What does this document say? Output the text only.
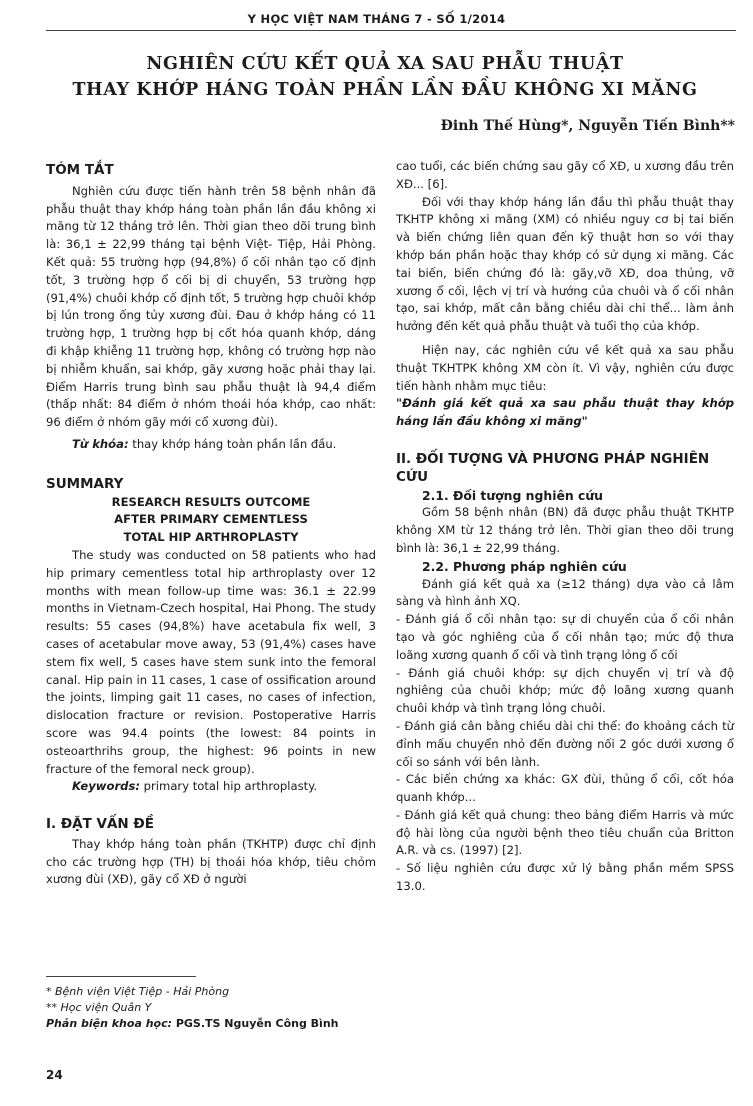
Y HỌC VIỆT NAM THÁNG 7 - SỐ 1/2014
NGHIÊN CỨU KẾT QUẢ XA SAU PHẪU THUẬT
THAY KHỚP HÁNG TOÀN PHẦN LẦN ĐẦU KHÔNG XI MĂNG
Đinh Thế Hùng*, Nguyễn Tiến Bình**

TÓM TẮT

Nghiên cứu được tiến hành trên 58 bệnh nhân đã phẫu thuật thay khớp háng toàn phần lần đầu không xi măng từ 12 tháng trở lên. Thời gian theo dõi trung bình là: 36,1 ± 22,99 tháng tại bệnh Việt- Tiệp, Hải Phòng. Kết quả: 55 trường hợp (94,8%) ổ cối nhân tạo cố định tốt, 3 trường hợp ổ cối bị di chuyển, 53 trường hợp (91,4%) chuôi khớp cố định tốt, 5 trường hợp chuôi khớp bị lún trong ống tủy xương đùi. Đau ở khớp háng có 11 trường hợp, 1 trường hợp bị cốt hóa quanh khớp, dáng đi khập khiễng 11 trường hợp, không có trường hợp nào bị nhiễm khuẩn, sai khớp, gãy xương hoặc phải thay lại. Điểm Harris trung bình sau phẫu thuật là 94,4 điểm (thấp nhất: 84 điểm ở nhóm thoái hóa khớp, cao nhất: 96 điểm ở nhóm gãy mới cổ xương đùi).

Từ khóa: thay khớp háng toàn phần lần đầu.

SUMMARY

RESEARCH RESULTS OUTCOME

AFTER PRIMARY CEMENTLESS

TOTAL HIP ARTHROPLASTY

The study was conducted on 58 patients who had hip primary cementless total hip arthroplasty over 12 months with mean follow-up time was: 36.1 ± 22.99 months in Vietnam-Czech hospital, Hai Phong. The study results: 55 cases (94,8%) have acetabula fix well, 3 cases of acetabular move away, 53 (91,4%) cases have stem fix well, 5 cases have stem sunk into the femoral canal. Hip pain in 11 cases, 1 case of ossification around the joints, limping gait 11 cases, no cases of infection, dislocation fracture or revision. Postoperative Harris score was 94.4 points (the lowest: 84 points in osteoarthrihs group, the highest: 96 points in new fracture of the femoral neck group).

Keywords: primary total hip arthroplasty.

I. ĐẶT VẤN ĐỀ

Thay khớp háng toàn phần (TKHTP) được chỉ định cho các trường hợp (TH) bị thoái hóa khớp, tiêu chỏm xương đùi (XĐ), gãy cổ XĐ ở người

* Bệnh viện Việt Tiệp - Hải Phòng
** Học viện Quân Y
Phản biện khoa học: PGS.TS Nguyễn Công Bình

cao tuổi, các biến chứng sau gãy cổ XĐ, u xương đầu trên XĐ... [6].

Đối với thay khớp háng lần đầu thì phẫu thuật thay TKHTP không xi măng (XM) có nhiều nguy cơ bị tai biến và biến chứng liên quan đến kỹ thuật hơn so với thay khớp bán phần hoặc thay khớp có sử dụng xi măng. Các tai biến, biến chứng đó là: gãy,vỡ XĐ, doa thủng, vỡ xương ổ cối, lệch vị trí và hướng của chuôi và ổ cối nhân tạo, sai khớp, mất cân bằng chiều dài chi thể... làm ảnh hưởng đến kết quả phẫu thuật và tuổi thọ của khớp.

Hiện nay, các nghiên cứu về kết quả xa sau phẫu thuật TKHTPK không XM còn ít. Vì vậy, nghiên cứu được tiến hành nhằm mục tiêu:

"Đánh giá kết quả xa sau phẫu thuật thay khớp háng lần đầu không xi măng"

II. ĐỐI TƯỢNG VÀ PHƯƠNG PHÁP NGHIÊN CỨU

2.1. Đối tượng nghiên cứu

Gồm 58 bệnh nhân (BN) đã được phẫu thuật TKHTP không XM từ 12 tháng trở lên. Thời gian theo dõi trung bình là: 36,1 ± 22,99 tháng.

2.2. Phương pháp nghiên cứu

Đánh giá kết quả xa (≥12 tháng) dựa vào cả lâm sàng và hình ảnh XQ.

- Đánh giá ổ cối nhân tạo: sự di chuyển của ổ cối nhân tạo và góc nghiêng của ổ cối nhân tạo; mức độ thưa loãng xương quanh ổ cối và tình trạng lỏng ổ cối

- Đánh giá chuôi khớp: sự dịch chuyển vị trí và độ nghiêng của chuôi khớp; mức độ loãng xương quanh chuôi khớp và tình trạng lỏng chuôi.

- Đánh giá cân bằng chiều dài chi thể: đo khoảng cách từ đỉnh mấu chuyển nhỏ đến đường nối 2 góc dưới xương ổ cối so sánh với bên lành.

- Các biến chứng xa khác: GX đùi, thủng ổ cối, cốt hóa quanh khớp...

- Đánh giá kết quả chung: theo bảng điểm Harris và mức độ hài lòng của người bệnh theo tiêu chuẩn của Britton A.R. và cs. (1997) [2].

- Số liệu nghiên cứu được xử lý bằng phần mềm SPSS 13.0.

24
